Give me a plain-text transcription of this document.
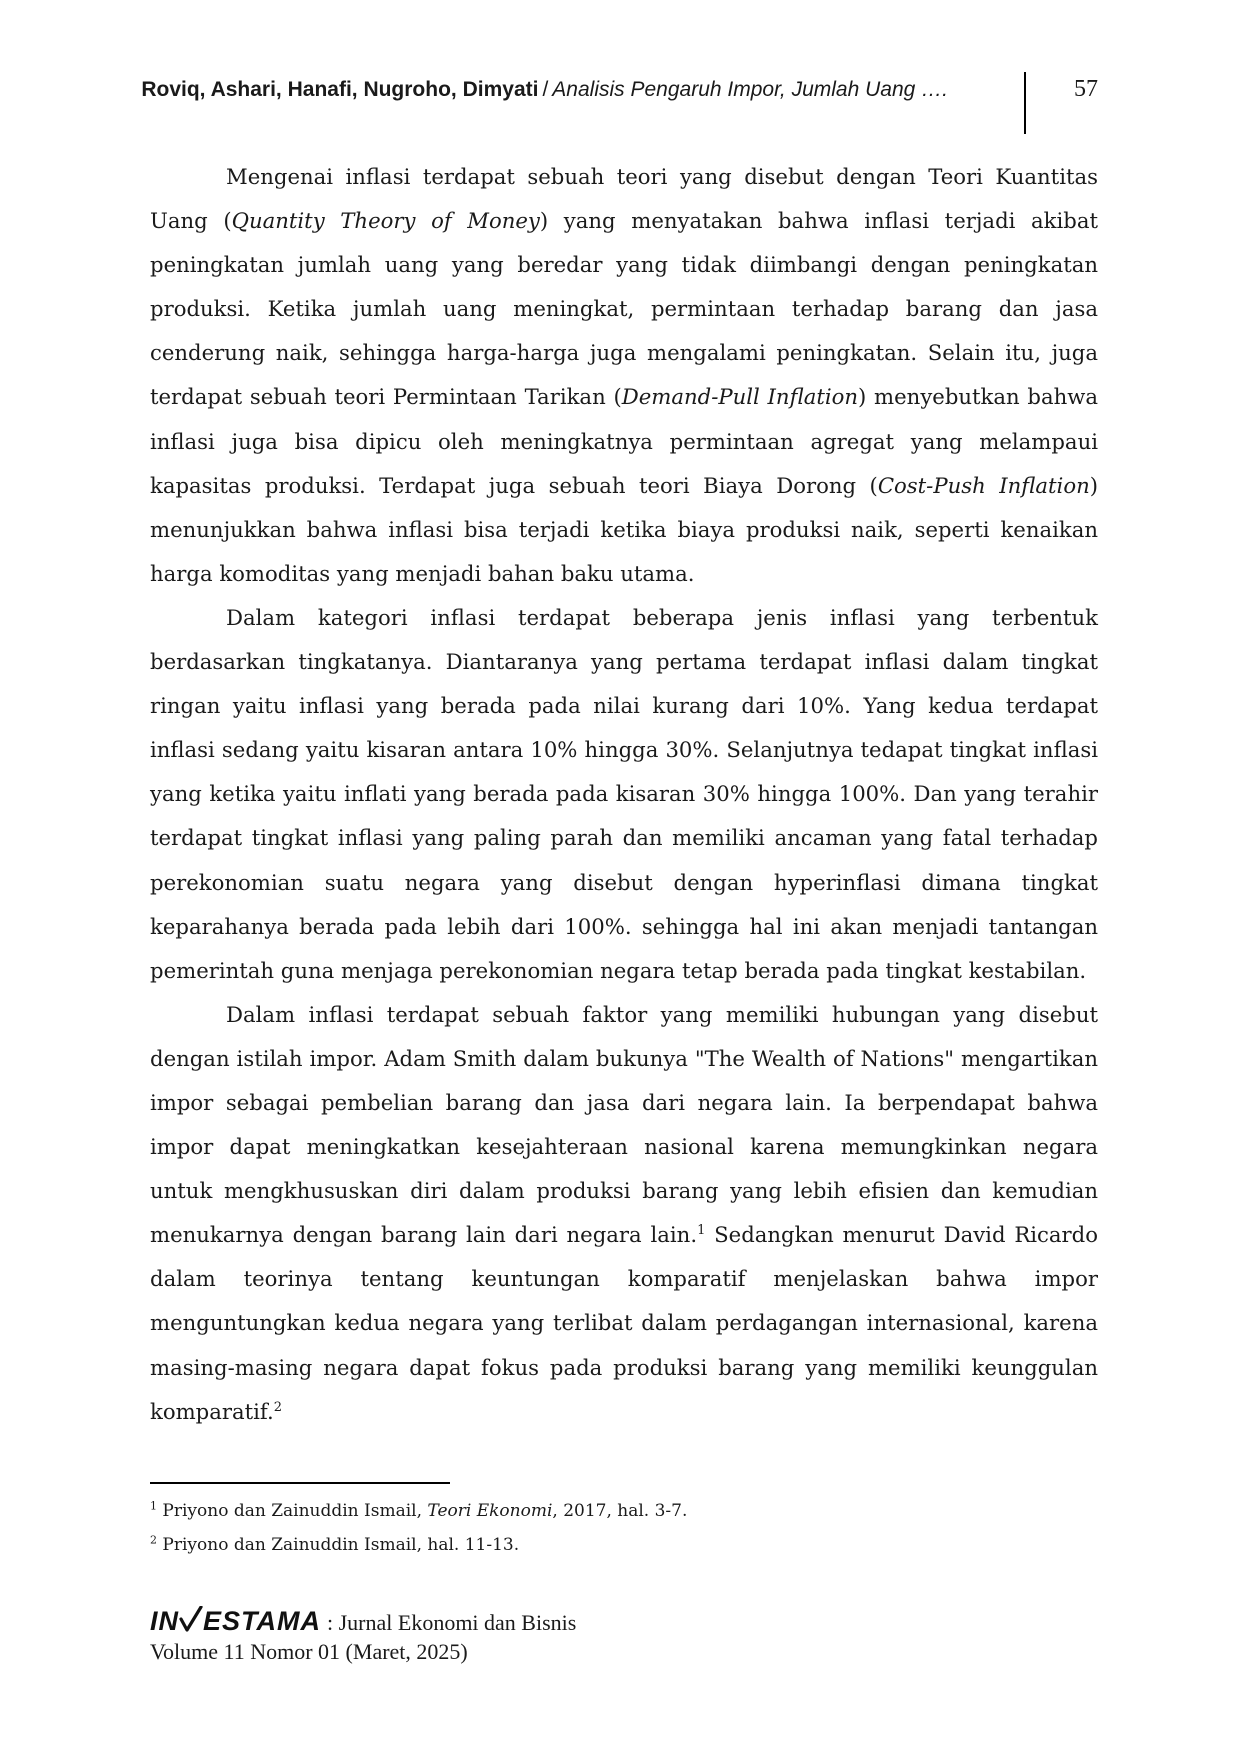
Roviq, Ashari, Hanafi, Nugroho, Dimyati / Analisis Pengaruh Impor, Jumlah Uang ….	57

Mengenai inflasi terdapat sebuah teori yang disebut dengan Teori Kuantitas Uang (Quantity Theory of Money) yang menyatakan bahwa inflasi terjadi akibat peningkatan jumlah uang yang beredar yang tidak diimbangi dengan peningkatan produksi. Ketika jumlah uang meningkat, permintaan terhadap barang dan jasa cenderung naik, sehingga harga-harga juga mengalami peningkatan. Selain itu, juga terdapat sebuah teori Permintaan Tarikan (Demand-Pull Inflation) menyebutkan bahwa inflasi juga bisa dipicu oleh meningkatnya permintaan agregat yang melampaui kapasitas produksi. Terdapat juga sebuah teori Biaya Dorong (Cost-Push Inflation) menunjukkan bahwa inflasi bisa terjadi ketika biaya produksi naik, seperti kenaikan harga komoditas yang menjadi bahan baku utama.

Dalam kategori inflasi terdapat beberapa jenis inflasi yang terbentuk berdasarkan tingkatanya. Diantaranya yang pertama terdapat inflasi dalam tingkat ringan yaitu inflasi yang berada pada nilai kurang dari 10%. Yang kedua terdapat inflasi sedang yaitu kisaran antara 10% hingga 30%. Selanjutnya tedapat tingkat inflasi yang ketika yaitu inflati yang berada pada kisaran 30% hingga 100%. Dan yang terahir terdapat tingkat inflasi yang paling parah dan memiliki ancaman yang fatal terhadap perekonomian suatu negara yang disebut dengan hyperinflasi dimana tingkat keparahanya berada pada lebih dari 100%. sehingga hal ini akan menjadi tantangan pemerintah guna menjaga perekonomian negara tetap berada pada tingkat kestabilan.

Dalam inflasi terdapat sebuah faktor yang memiliki hubungan yang disebut dengan istilah impor. Adam Smith dalam bukunya "The Wealth of Nations" mengartikan impor sebagai pembelian barang dan jasa dari negara lain. Ia berpendapat bahwa impor dapat meningkatkan kesejahteraan nasional karena memungkinkan negara untuk mengkhususkan diri dalam produksi barang yang lebih efisien dan kemudian menukarnya dengan barang lain dari negara lain.$^1$ Sedangkan menurut David Ricardo dalam teorinya tentang keuntungan komparatif menjelaskan bahwa impor menguntungkan kedua negara yang terlibat dalam perdagangan internasional, karena masing-masing negara dapat fokus pada produksi barang yang memiliki keunggulan komparatif.$^2$

$^1$ Priyono dan Zainuddin Ismail, Teori Ekonomi, 2017, hal. 3-7.

$^2$ Priyono dan Zainuddin Ismail, hal. 11-13.

IN ESTAMA : Jurnal Ekonomi dan Bisnis
Volume 11 Nomor 01 (Maret, 2025)
